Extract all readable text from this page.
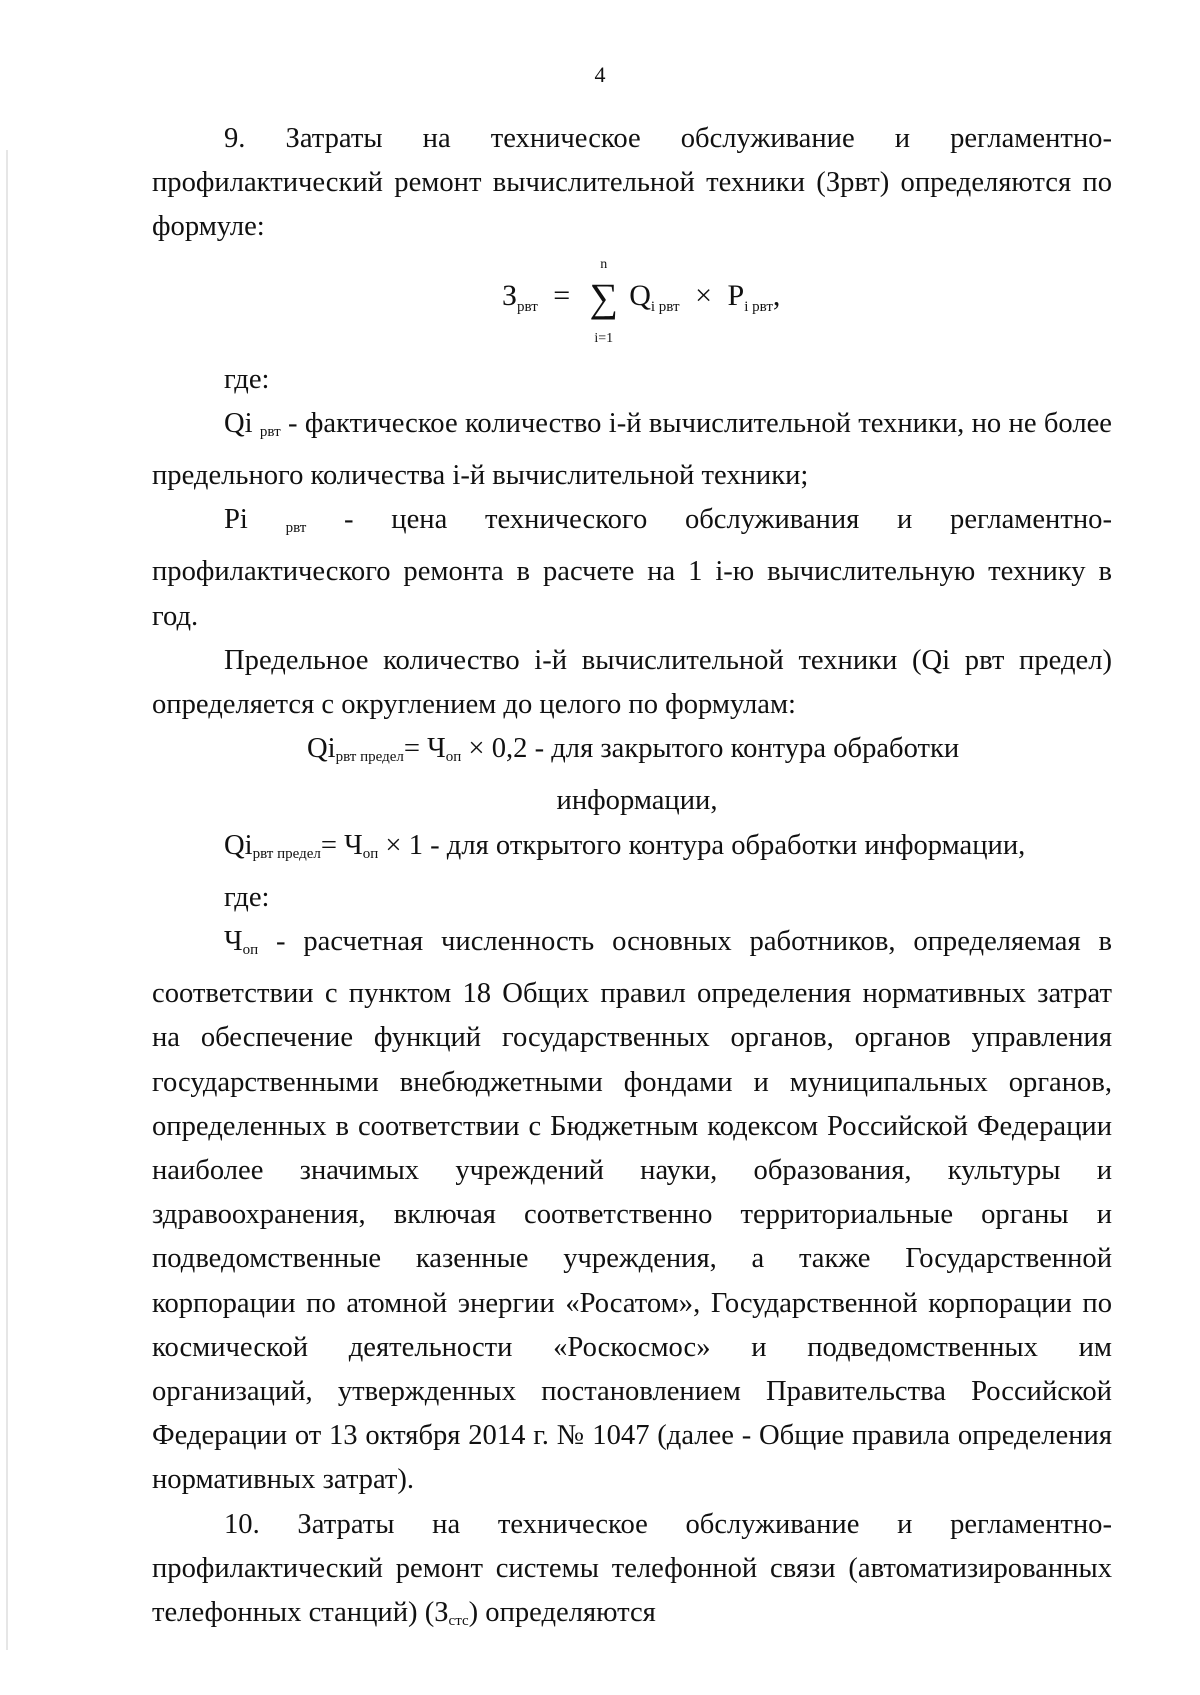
4

9. Затраты на техническое обслуживание и регламентно- профилактический ремонт вычислительной техники (Зрвт) определяются по формуле:

$З_{рвт}$ =
n
∑
i=1
$Q_{i рвт} \times P_{i рвт}$,

где:

Qi рвт - фактическое количество i-й вычислительной техники, но не более предельного количества i-й вычислительной техники;

Pi	рвт - цена технического обслуживания и регламентно-профилактического ремонта в расчете на 1 i-ю вычислительную технику в год.

Предельное количество i-й вычислительной техники (Qi рвт предел) определяется с округлением до целого по формулам:

Qiрвт предел= Чоп × 0,2 - для закрытого контура обработки

информации,

Qiрвт предел= Чоп × 1 - для открытого контура обработки информации,

где:

Чоп - расчетная численность основных работников, определяемая в соответствии с пунктом 18 Общих правил определения нормативных затрат на обеспечение функций государственных органов, органов управления государственными внебюджетными фондами и муниципальных органов, определенных в соответствии с Бюджетным кодексом Российской Федерации наиболее значимых учреждений науки, образования, культуры и здравоохранения, включая соответственно территориальные органы и подведомственные казенные учреждения, а также Государственной корпорации по атомной энергии «Росатом», Государственной корпорации по космической деятельности «Роскосмос» и подведомственных им организаций, утвержденных постановлением Правительства Российской Федерации от 13 октября 2014 г. № 1047 (далее - Общие правила определения нормативных затрат).

10. Затраты на техническое обслуживание и регламентно-профилактический ремонт системы телефонной связи (автоматизированных телефонных станций) (Зстс) определяются
